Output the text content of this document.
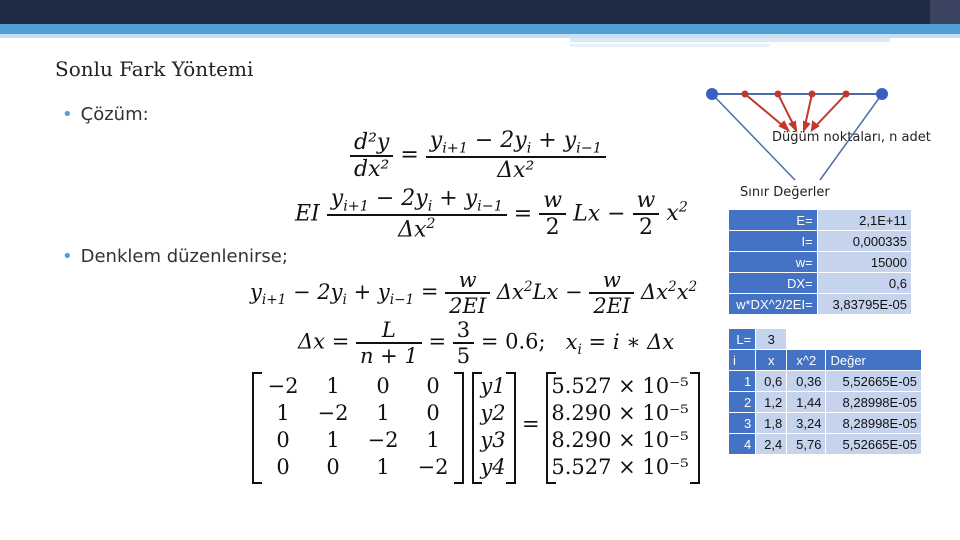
Sonlu Fark Yöntemi
• Çözüm:
• Denklem düzenlenirse;
$\frac{\text{d²y}}{\text{dx²}} = \frac{y_{i+1} - 2y_i + y_{i-1}}{\text{Δx²}}$
EI $\frac{y_{i+1} - 2y_i + y_{i-1}}{\Delta x^2} = \frac{w}{2}$ $Lx - \frac{w}{2} x^2$
$y_{i+1} - 2y_i + y_{i-1} = \frac{w}{2EI} \Delta x^2Lx - \frac{w}{2EI} \Delta x^2x^2$
$\Delta x = \frac{L}{n + 1} = \frac{3}{5} = 0.6$;   $x_i = i$ ∗ Δx
−2	1	0	0
1	−2	1	0
0	1	−2	1
0	0	1	−2
y1
y2
y3
y4
=
5.527 × 10⁻⁵
8.290 × 10⁻⁵
8.290 × 10⁻⁵
5.527 × 10⁻⁵
Düğüm noktaları, n adet
Sınır Değerler
E=	2,1E+11
I=	0,000335
w=	15000
DX=	0,6
w*DX^2/2EI=	3,83795E-05
L=	3		
i	x	x^2	Değer
1	0,6	0,36	5,52665E-05
2	1,2	1,44	8,28998E-05
3	1,8	3,24	8,28998E-05
4	2,4	5,76	5,52665E-05
